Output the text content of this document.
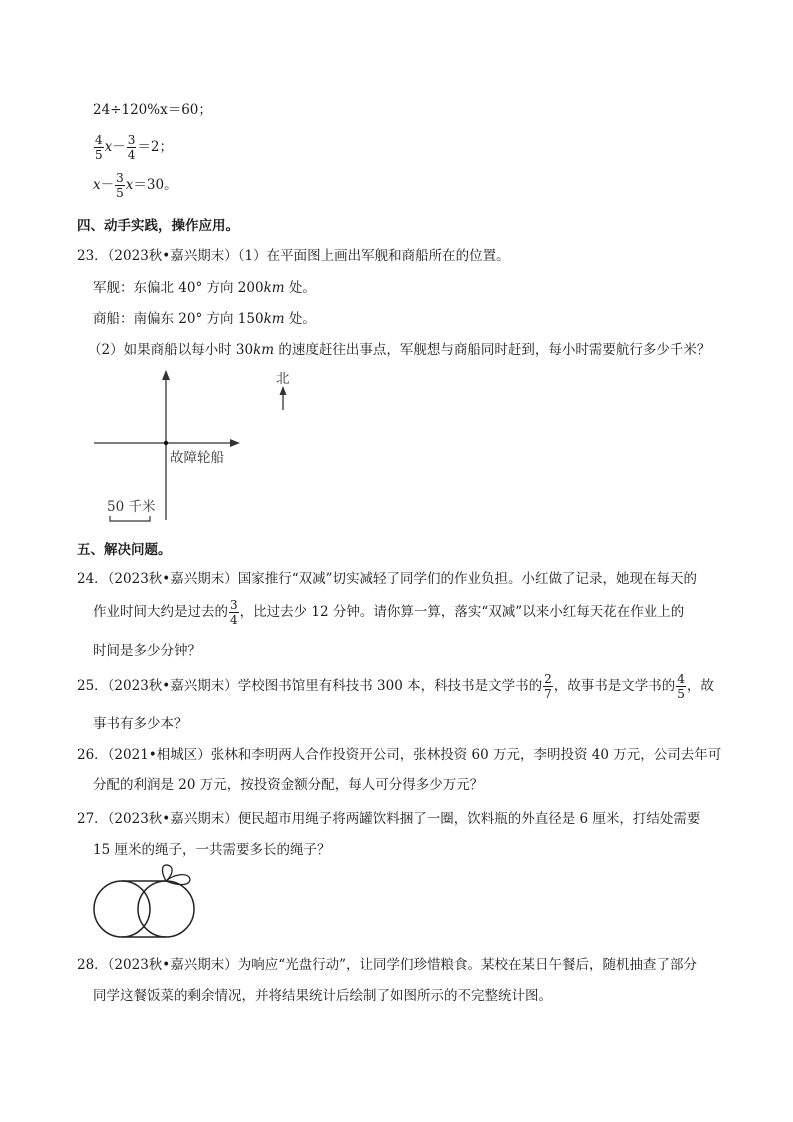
24÷120%x＝60；
$\frac{4}{5} x- \frac{3}{4} =2$；
$x- \frac{3}{5} x=30$。
四、动手实践，操作应用。
23．（2023秋•嘉兴期末）（1）在平面图上画出军舰和商船所在的位置。
军舰：东偏北 40° 方向 200km 处。
商船：南偏东 20° 方向 150km 处。
（2）如果商船以每小时 30km 的速度赶往出事点，军舰想与商船同时赶到，每小时需要航行多少千米？
北
故障轮船
50 千米
五、解决问题。
24．（2023秋•嘉兴期末）国家推行“双减”切实减轻了同学们的作业负担。小红做了记录，她现在每天的
作业时间大约是过去的 $\frac{3}{4}$ ，比过去少 12 分钟。请你算一算，落实“双减”以来小红每天花在作业上的
时间是多少分钟？
25．（2023秋•嘉兴期末）学校图书馆里有科技书 300 本，科技书是文学书的 $\frac{2}{7}$ ，故事书是文学书的 $\frac{4}{5}$ ，故
事书有多少本？
26．（2021•相城区）张林和李明两人合作投资开公司，张林投资 60 万元，李明投资 40 万元，公司去年可
分配的利润是 20 万元，按投资金额分配，每人可分得多少万元？
27．（2023秋•嘉兴期末）便民超市用绳子将两罐饮料捆了一圈，饮料瓶的外直径是 6 厘米，打结处需要
15 厘米的绳子，一共需要多长的绳子？
28．（2023秋•嘉兴期末）为响应“光盘行动”，让同学们珍惜粮食。某校在某日午餐后，随机抽查了部分
同学这餐饭菜的剩余情况，并将结果统计后绘制了如图所示的不完整统计图。
